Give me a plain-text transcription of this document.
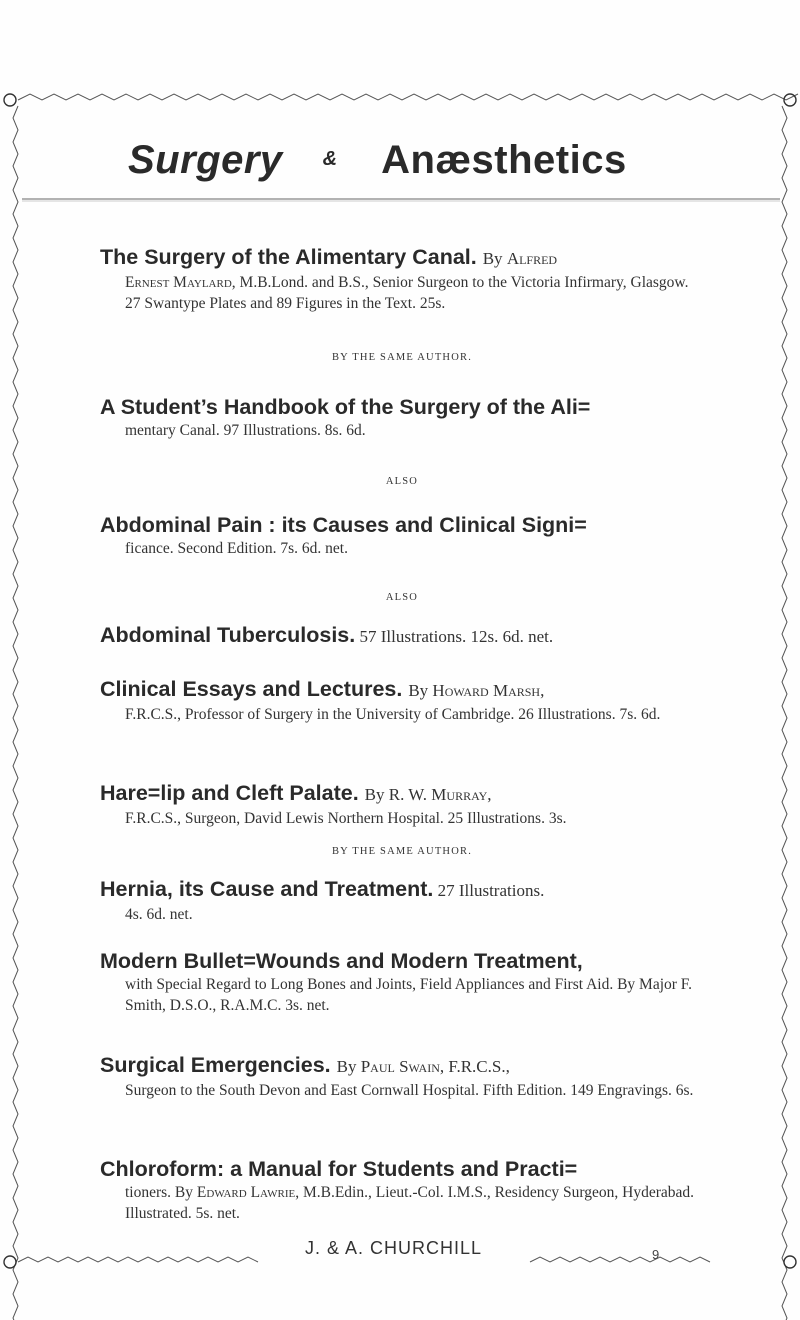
Surgery & Anæsthetics
The Surgery of the Alimentary Canal. By Alfred
Ernest Maylard, M.B.Lond. and B.S., Senior Surgeon to the Victoria Infirmary, Glasgow. 27 Swantype Plates and 89 Figures in the Text. 25s.
BY THE SAME AUTHOR.
A Student’s Handbook of the Surgery of the Ali=
mentary Canal. 97 Illustrations. 8s. 6d.
ALSO
Abdominal Pain : its Causes and Clinical Signi=
ficance. Second Edition. 7s. 6d. net.
ALSO
Abdominal Tuberculosis. 57 Illustrations. 12s. 6d. net.
Clinical Essays and Lectures. By Howard Marsh,
F.R.C.S., Professor of Surgery in the University of Cambridge. 26 Illustrations. 7s. 6d.
Hare=lip and Cleft Palate. By R. W. Murray,
F.R.C.S., Surgeon, David Lewis Northern Hospital. 25 Illustrations. 3s.
BY THE SAME AUTHOR.
Hernia, its Cause and Treatment. 27 Illustrations.
4s. 6d. net.
Modern Bullet=Wounds and Modern Treatment,
with Special Regard to Long Bones and Joints, Field Appliances and First Aid. By Major F. Smith, D.S.O., R.A.M.C. 3s. net.
Surgical Emergencies. By Paul Swain, F.R.C.S.,
Surgeon to the South Devon and East Cornwall Hospital. Fifth Edition. 149 Engravings. 6s.
Chloroform: a Manual for Students and Practi=
tioners. By Edward Lawrie, M.B.Edin., Lieut.-Col. I.M.S., Residency Surgeon, Hyderabad. Illustrated. 5s. net.
J. & A. CHURCHILL	9
